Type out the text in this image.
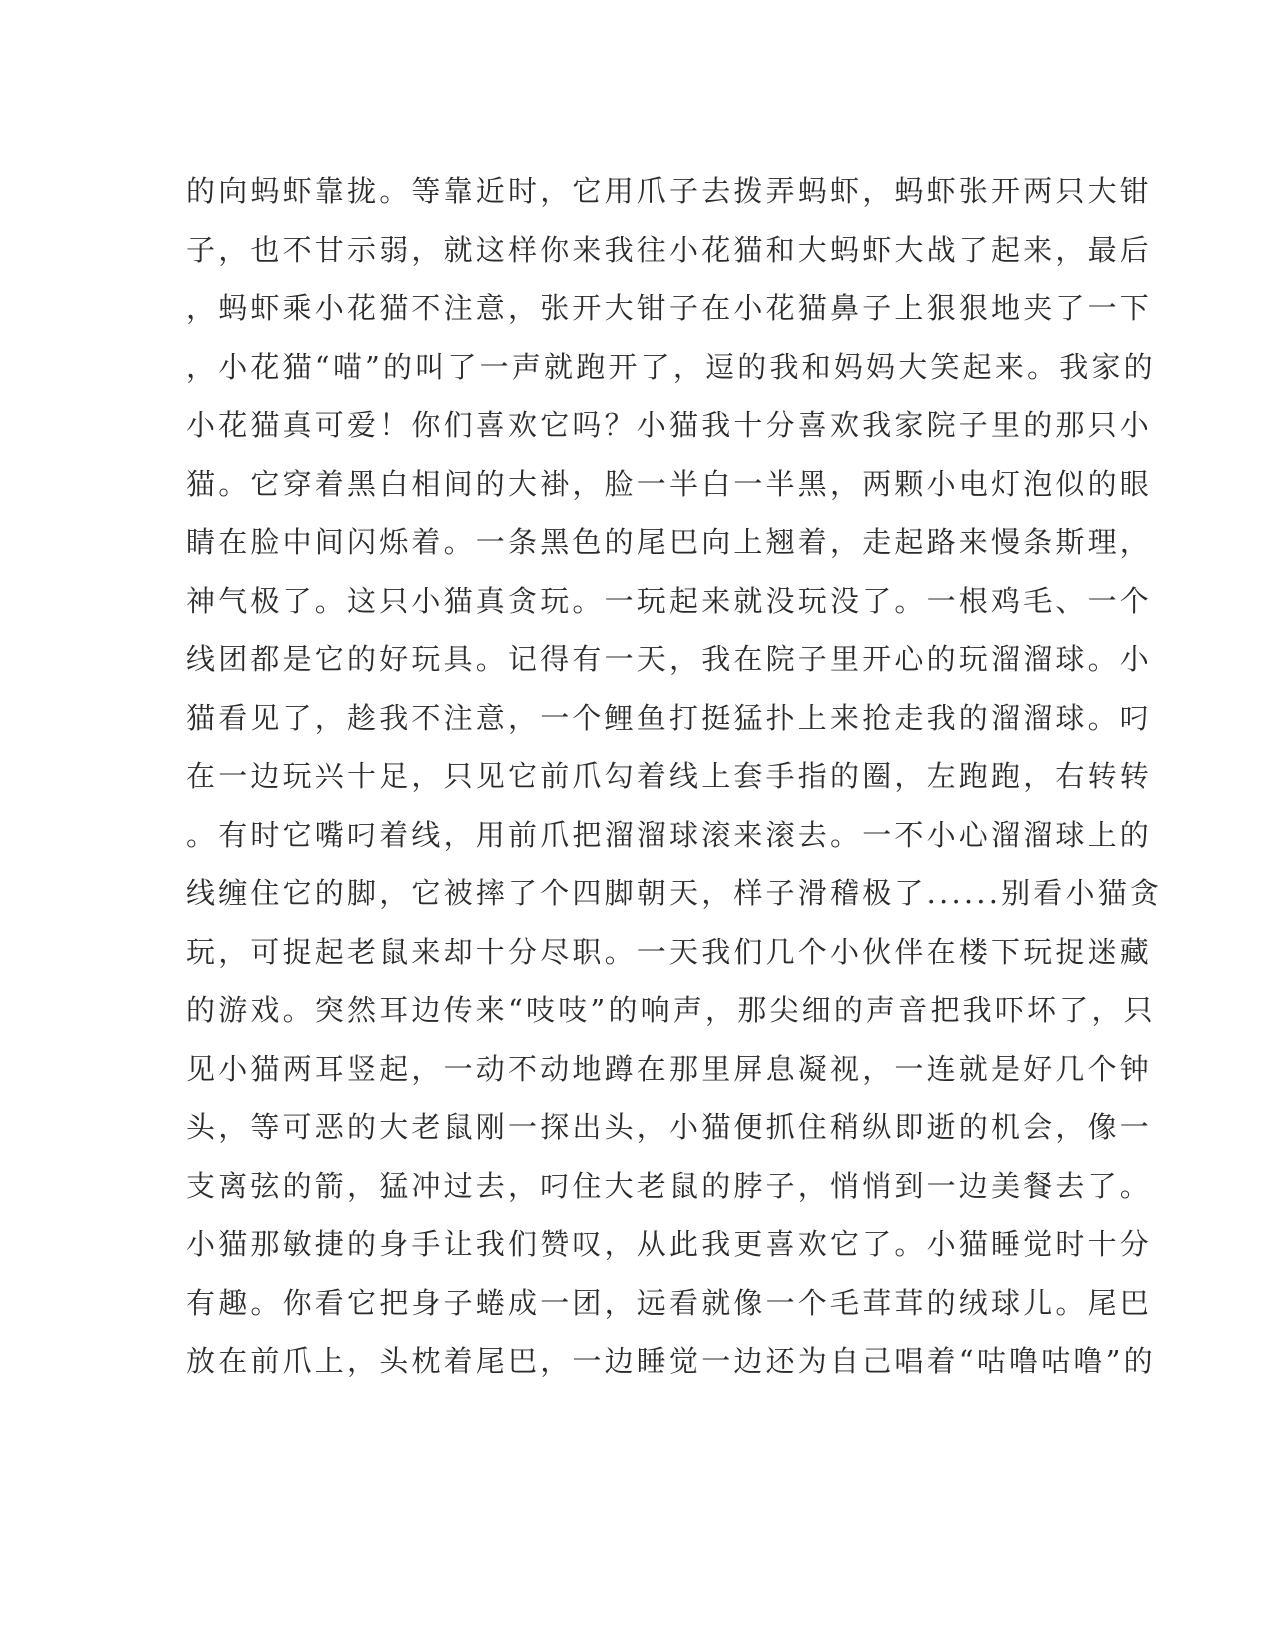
的向蚂虾靠拢。等靠近时，它用爪子去拨弄蚂虾，蚂虾张开两只大钳
子，也不甘示弱，就这样你来我往小花猫和大蚂虾大战了起来，最后
，蚂虾乘小花猫不注意，张开大钳子在小花猫鼻子上狠狠地夹了一下
，小花猫“喵”的叫了一声就跑开了，逗的我和妈妈大笑起来。我家的
小花猫真可爱！你们喜欢它吗？小猫我十分喜欢我家院子里的那只小
猫。它穿着黑白相间的大褂，脸一半白一半黑，两颗小电灯泡似的眼
睛在脸中间闪烁着。一条黑色的尾巴向上翘着，走起路来慢条斯理，
神气极了。这只小猫真贪玩。一玩起来就没玩没了。一根鸡毛、一个
线团都是它的好玩具。记得有一天，我在院子里开心的玩溜溜球。小
猫看见了，趁我不注意，一个鲤鱼打挺猛扑上来抢走我的溜溜球。叼
在一边玩兴十足，只见它前爪勾着线上套手指的圈，左跑跑，右转转
。有时它嘴叼着线，用前爪把溜溜球滚来滚去。一不小心溜溜球上的
线缠住它的脚，它被摔了个四脚朝天，样子滑稽极了......别看小猫贪
玩，可捉起老鼠来却十分尽职。一天我们几个小伙伴在楼下玩捉迷藏
的游戏。突然耳边传来“吱吱”的响声，那尖细的声音把我吓坏了，只
见小猫两耳竖起，一动不动地蹲在那里屏息凝视，一连就是好几个钟
头，等可恶的大老鼠刚一探出头，小猫便抓住稍纵即逝的机会，像一
支离弦的箭，猛冲过去，叼住大老鼠的脖子，悄悄到一边美餐去了。
小猫那敏捷的身手让我们赞叹，从此我更喜欢它了。小猫睡觉时十分
有趣。你看它把身子蜷成一团，远看就像一个毛茸茸的绒球儿。尾巴
放在前爪上，头枕着尾巴，一边睡觉一边还为自己唱着“咕噜咕噜”的
